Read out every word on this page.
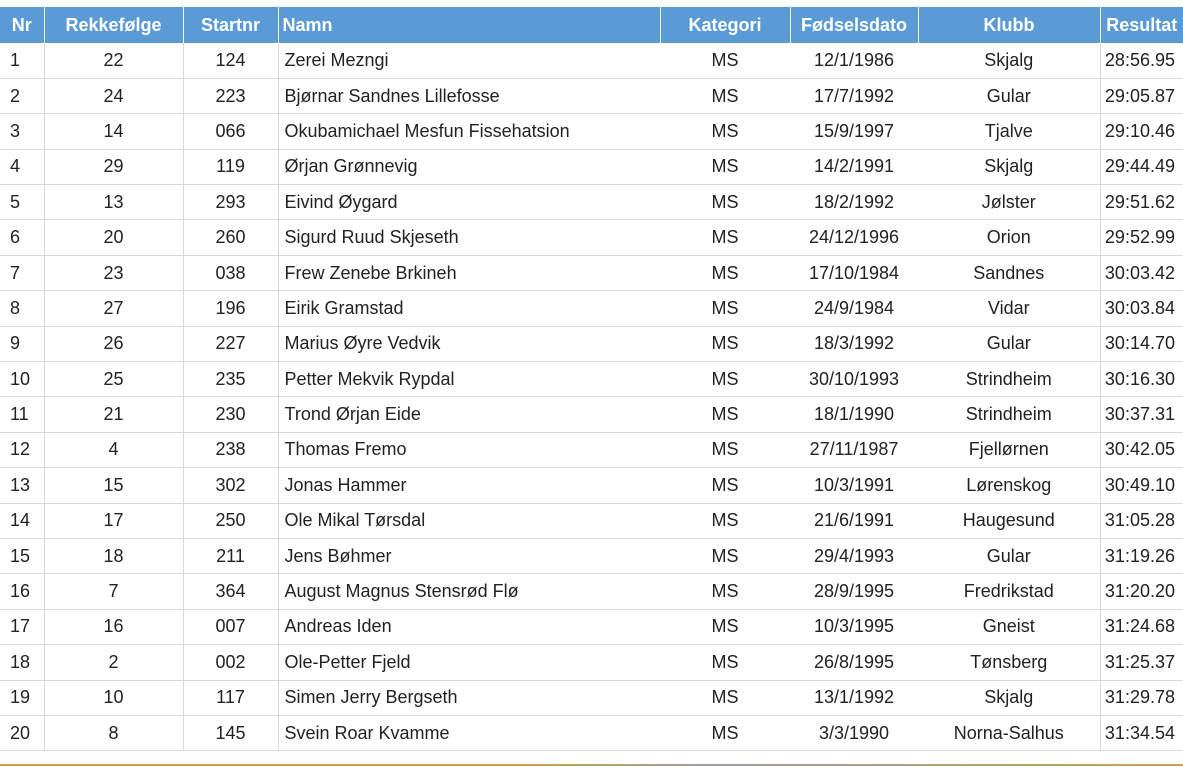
Nr	Rekkefølge	Startnr	Namn	Kategori	Fødselsdato	Klubb	Resultat
1	22	124	Zerei Mezngi	MS	12/1/1986	Skjalg	28:56.95
2	24	223	Bjørnar Sandnes Lillefosse	MS	17/7/1992	Gular	29:05.87
3	14	066	Okubamichael Mesfun Fissehatsion	MS	15/9/1997	Tjalve	29:10.46
4	29	119	Ørjan Grønnevig	MS	14/2/1991	Skjalg	29:44.49
5	13	293	Eivind Øygard	MS	18/2/1992	Jølster	29:51.62
6	20	260	Sigurd Ruud Skjeseth	MS	24/12/1996	Orion	29:52.99
7	23	038	Frew Zenebe Brkineh	MS	17/10/1984	Sandnes	30:03.42
8	27	196	Eirik Gramstad	MS	24/9/1984	Vidar	30:03.84
9	26	227	Marius Øyre Vedvik	MS	18/3/1992	Gular	30:14.70
10	25	235	Petter Mekvik Rypdal	MS	30/10/1993	Strindheim	30:16.30
11	21	230	Trond Ørjan Eide	MS	18/1/1990	Strindheim	30:37.31
12	4	238	Thomas Fremo	MS	27/11/1987	Fjellørnen	30:42.05
13	15	302	Jonas Hammer	MS	10/3/1991	Lørenskog	30:49.10
14	17	250	Ole Mikal Tørsdal	MS	21/6/1991	Haugesund	31:05.28
15	18	211	Jens Bøhmer	MS	29/4/1993	Gular	31:19.26
16	7	364	August Magnus Stensrød Flø	MS	28/9/1995	Fredrikstad	31:20.20
17	16	007	Andreas Iden	MS	10/3/1995	Gneist	31:24.68
18	2	002	Ole-Petter Fjeld	MS	26/8/1995	Tønsberg	31:25.37
19	10	117	Simen Jerry Bergseth	MS	13/1/1992	Skjalg	31:29.78
20	8	145	Svein Roar Kvamme	MS	3/3/1990	Norna-Salhus	31:34.54
